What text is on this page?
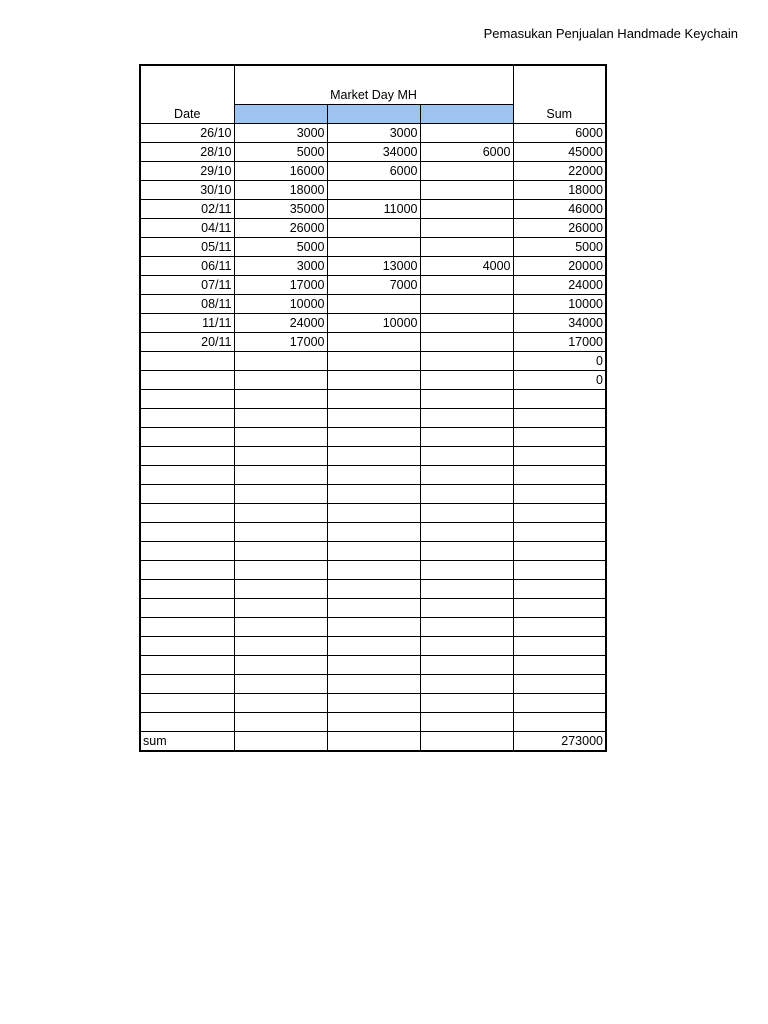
Pemasukan Penjualan Handmade Keychain
Date	Market Day MH			Sum

26/10	3000	3000		6000
28/10	5000	34000	6000	45000
29/10	16000	6000		22000
30/10	18000			18000
02/11	35000	11000		46000
04/11	26000			26000
05/11	5000			5000
06/11	3000	13000	4000	20000
07/11	17000	7000		24000
08/11	10000			10000
11/11	24000	10000		34000
20/11	17000			17000
				0
				0

sum				273000
